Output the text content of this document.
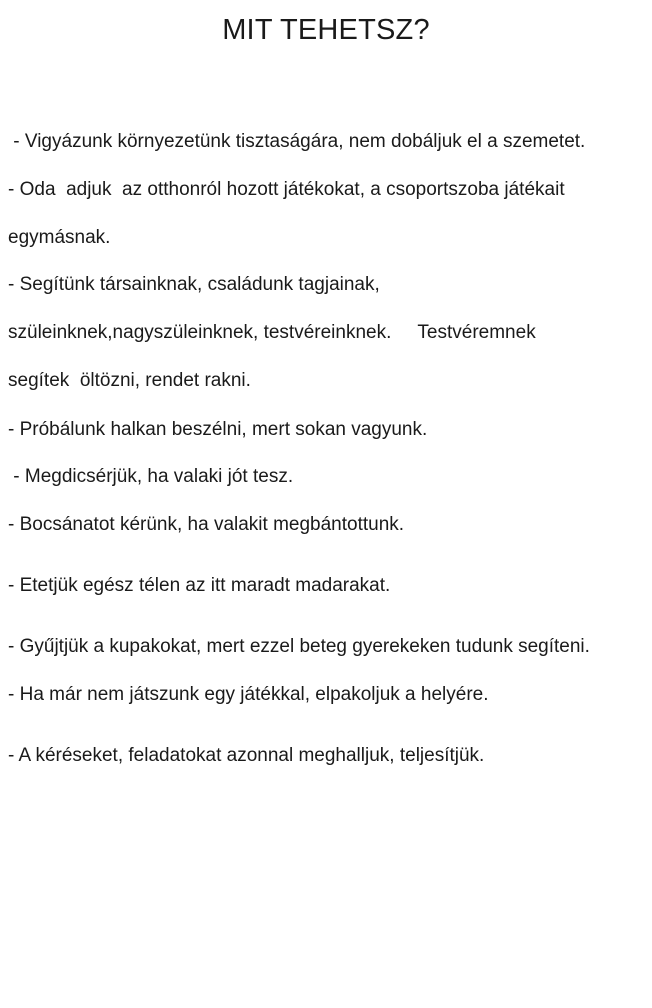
MIT TEHETSZ?

- Vigyázunk környezetünk tisztaságára, nem dobáljuk el a szemetet.

- Oda  adjuk  az otthonról hozott játékokat, a csoportszoba játékait

egymásnak.

- Segítünk társainknak, családunk tagjainak,

szüleinknek,nagyszüleinknek, testvéreinknek.     Testvéremnek

segítek  öltözni, rendet rakni.

- Próbálunk halkan beszélni, mert sokan vagyunk.

- Megdicsérjük, ha valaki jót tesz.

- Bocsánatot kérünk, ha valakit megbántottunk.

- Etetjük egész télen az itt maradt madarakat.

- Gyűjtjük a kupakokat, mert ezzel beteg gyerekeken tudunk segíteni.

- Ha már nem játszunk egy játékkal, elpakoljuk a helyére.

- A kéréseket, feladatokat azonnal meghalljuk, teljesítjük.
